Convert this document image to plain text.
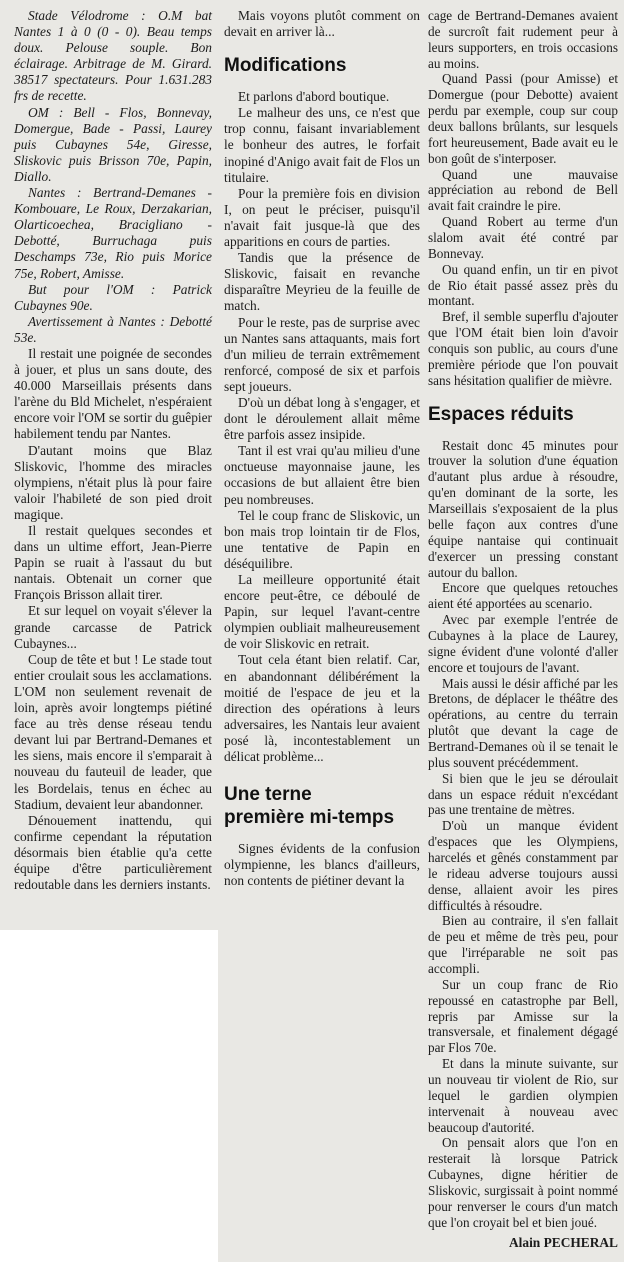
Stade Vélodrome : O.M bat Nantes 1 à 0 (0 - 0). Beau temps doux. Pelouse souple. Bon éclairage. Arbitrage de M. Girard. 38517 spectateurs. Pour 1.631.283 frs de recette.

OM : Bell - Flos, Bonnevay, Domergue, Bade - Passi, Laurey puis Cubaynes 54e, Giresse, Sliskovic puis Brisson 70e, Papin, Diallo.

Nantes : Bertrand-Demanes - Kombouare, Le Roux, Derzakarian, Olarticoechea, Bracigliano - Debotté, Burruchaga puis Deschamps 73e, Rio puis Morice 75e, Robert, Amisse.

But pour l'OM : Patrick Cubaynes 90e.

Avertissement à Nantes : Debotté 53e.

Il restait une poignée de secondes à jouer, et plus un sans doute, des 40.000 Marseillais présents dans l'arène du Bld Michelet, n'espéraient encore voir l'OM se sortir du guêpier habilement tendu par Nantes.

D'autant moins que Blaz Sliskovic, l'homme des miracles olympiens, n'était plus là pour faire valoir l'habileté de son pied droit magique.

Il restait quelques secondes et dans un ultime effort, Jean-Pierre Papin se ruait à l'assaut du but nantais. Obtenait un corner que François Brisson allait tirer.

Et sur lequel on voyait s'élever la grande carcasse de Patrick Cubaynes...

Coup de tête et but ! Le stade tout entier croulait sous les acclamations. L'OM non seulement revenait de loin, après avoir longtemps piétiné face au très dense réseau tendu devant lui par Bertrand-Demanes et les siens, mais encore il s'emparait à nouveau du fauteuil de leader, que les Bordelais, tenus en échec au Stadium, devaient leur abandonner.

Dénouement inattendu, qui confirme cependant la réputation désormais bien établie qu'a cette équipe d'être particulièrement redoutable dans les derniers instants.

Mais voyons plutôt comment on devait en arriver là...

Modifications

Et parlons d'abord boutique.

Le malheur des uns, ce n'est que trop connu, faisant invariablement le bonheur des autres, le forfait inopiné d'Anigo avait fait de Flos un titulaire.

Pour la première fois en division I, on peut le préciser, puisqu'il n'avait fait jusque-là que des apparitions en cours de parties.

Tandis que la présence de Sliskovic, faisait en revanche disparaître Meyrieu de la feuille de match.

Pour le reste, pas de surprise avec un Nantes sans attaquants, mais fort d'un milieu de terrain extrêmement renforcé, composé de six et parfois sept joueurs.

D'où un débat long à s'engager, et dont le déroulement allait même être parfois assez insipide.

Tant il est vrai qu'au milieu d'une onctueuse mayonnaise jaune, les occasions de but allaient être bien peu nombreuses.

Tel le coup franc de Sliskovic, un bon mais trop lointain tir de Flos, une tentative de Papin en déséquilibre.

La meilleure opportunité était encore peut-être, ce déboulé de Papin, sur lequel l'avant-centre olympien oubliait malheureusement de voir Sliskovic en retrait.

Tout cela étant bien relatif. Car, en abandonnant délibérément la moitié de l'espace de jeu et la direction des opérations à leurs adversaires, les Nantais leur avaient posé là, incontestablement un délicat problème...

Une terne
première mi-temps

Signes évidents de la confusion olympienne, les blancs d'ailleurs, non contents de piétiner devant la

cage de Bertrand-Demanes avaient de surcroît fait rudement peur à leurs supporters, en trois occasions au moins.

Quand Passi (pour Amisse) et Domergue (pour Debotte) avaient perdu par exemple, coup sur coup deux ballons brûlants, sur lesquels fort heureusement, Bade avait eu le bon goût de s'interposer.

Quand une mauvaise appréciation au rebond de Bell avait fait craindre le pire.

Quand Robert au terme d'un slalom avait été contré par Bonnevay.

Ou quand enfin, un tir en pivot de Rio était passé assez près du montant.

Bref, il semble superflu d'ajouter que l'OM était bien loin d'avoir conquis son public, au cours d'une première période que l'on pouvait sans hésitation qualifier de mièvre.

Espaces réduits

Restait donc 45 minutes pour trouver la solution d'une équation d'autant plus ardue à résoudre, qu'en dominant de la sorte, les Marseillais s'exposaient de la plus belle façon aux contres d'une équipe nantaise qui continuait d'exercer un pressing constant autour du ballon.

Encore que quelques retouches aient été apportées au scenario.

Avec par exemple l'entrée de Cubaynes à la place de Laurey, signe évident d'une volonté d'aller encore et toujours de l'avant.

Mais aussi le désir affiché par les Bretons, de déplacer le théâtre des opérations, au centre du terrain plutôt que devant la cage de Bertrand-Demanes où il se tenait le plus souvent précédemment.

Si bien que le jeu se déroulait dans un espace réduit n'excédant pas une trentaine de mètres.

D'où un manque évident d'espaces que les Olympiens, harcelés et gênés constamment par le rideau adverse toujours aussi dense, allaient avoir les pires difficultés à résoudre.

Bien au contraire, il s'en fallait de peu et même de très peu, pour que l'irréparable ne soit pas accompli.

Sur un coup franc de Rio repoussé en catastrophe par Bell, repris par Amisse sur la transversale, et finalement dégagé par Flos 70e.

Et dans la minute suivante, sur un nouveau tir violent de Rio, sur lequel le gardien olympien intervenait à nouveau avec beaucoup d'autorité.

On pensait alors que l'on en resterait là lorsque Patrick Cubaynes, digne héritier de Sliskovic, surgissait à point nommé pour renverser le cours d'un match que l'on croyait bel et bien joué.

Alain PECHERAL
